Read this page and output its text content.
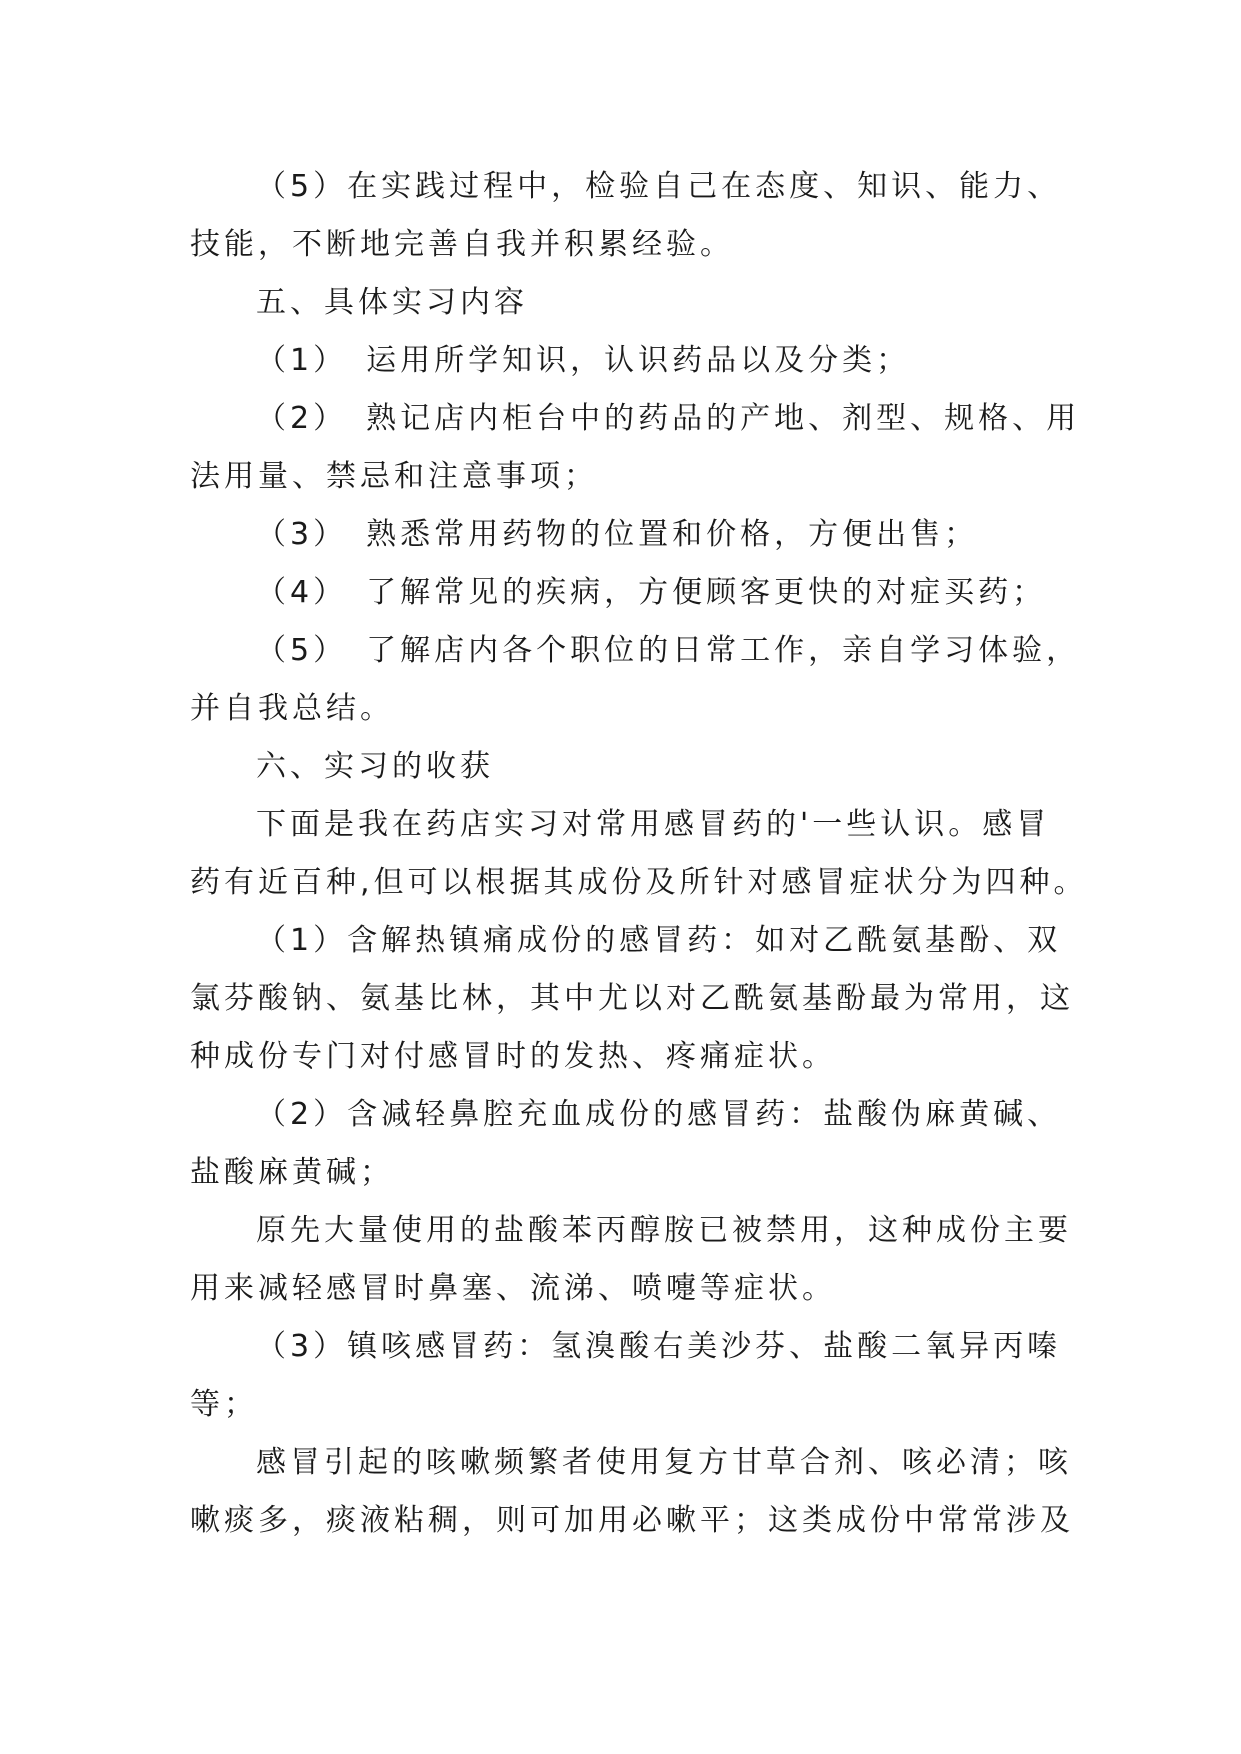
（5）在实践过程中，检验自己在态度、知识、能力、
技能，不断地完善自我并积累经验。
五、具体实习内容
（1）　运用所学知识，认识药品以及分类；
（2）　熟记店内柜台中的药品的产地、剂型、规格、用
法用量、禁忌和注意事项；
（3）　熟悉常用药物的位置和价格，方便出售；
（4）　了解常见的疾病，方便顾客更快的对症买药；
（5）　了解店内各个职位的日常工作，亲自学习体验，
并自我总结。
六、实习的收获
下面是我在药店实习对常用感冒药的'一些认识。感冒
药有近百种,但可以根据其成份及所针对感冒症状分为四种。
（1）含解热镇痛成份的感冒药：如对乙酰氨基酚、双
氯芬酸钠、氨基比林，其中尤以对乙酰氨基酚最为常用，这
种成份专门对付感冒时的发热、疼痛症状。
（2）含减轻鼻腔充血成份的感冒药：盐酸伪麻黄碱、
盐酸麻黄碱；
原先大量使用的盐酸苯丙醇胺已被禁用，这种成份主要
用来减轻感冒时鼻塞、流涕、喷嚏等症状。
（3）镇咳感冒药：氢溴酸右美沙芬、盐酸二氧异丙嗪
等；
感冒引起的咳嗽频繁者使用复方甘草合剂、咳必清；咳
嗽痰多，痰液粘稠，则可加用必嗽平；这类成份中常常涉及
